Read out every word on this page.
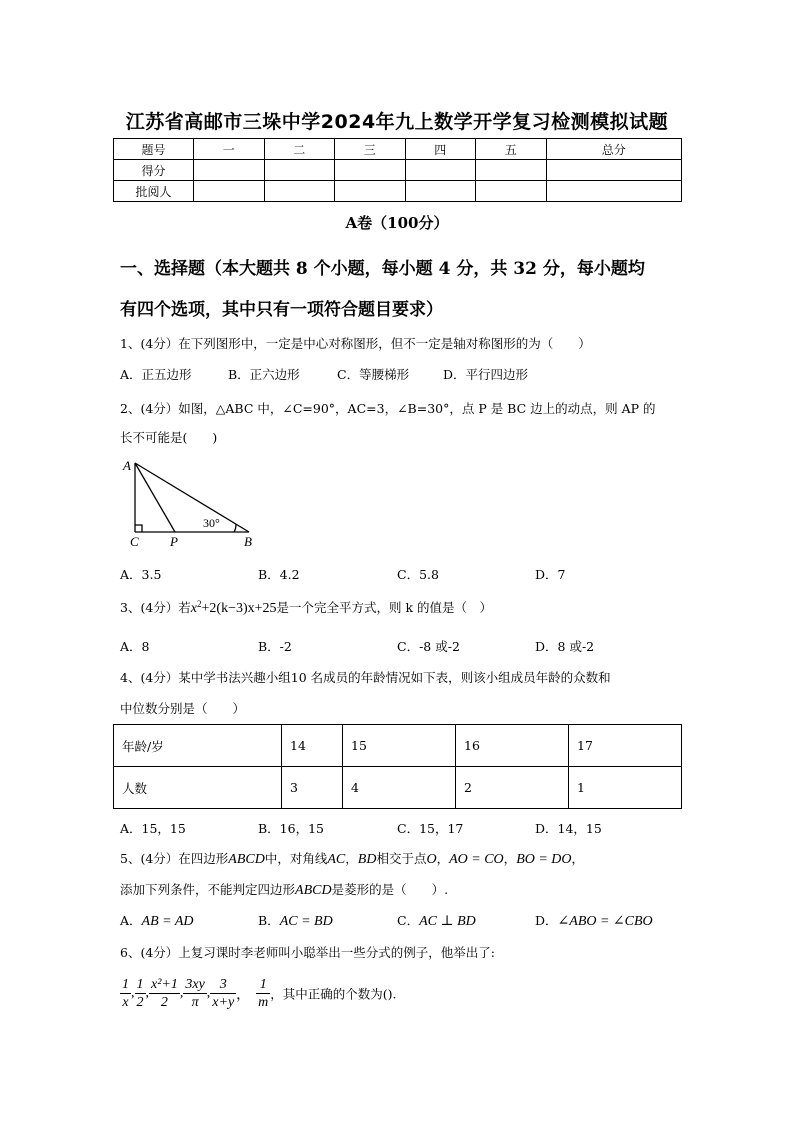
江苏省高邮市三垛中学2024年九上数学开学复习检测模拟试题
题号	一	二	三	四	五	总分
得分						
批阅人						
A卷（100分）
一、选择题（本大题共 8 个小题，每小题 4 分，共 32 分，每小题均
有四个选项，其中只有一项符合题目要求）
1、(4分）在下列图形中，一定是中心对称图形，但不一定是轴对称图形的为（　　）
A．正五边形	B．正六边形	C．等腰梯形	D．平行四边形
2、(4分）如图，△ABC 中，∠C=90°，AC=3，∠B=30°，点 P 是 BC 边上的动点，则 AP 的
长不可能是(　　)
A
C P	B
30°
A．3.5	B．4.2	C．5.8	D．7
3、(4分）若$x^2+2(k-3)x+25$是一个完全平方式，则 k 的值是（　）
A．8	B．-2	C．-8 或-2	D．8 或-2
4、(4分）某中学书法兴趣小组10 名成员的年龄情况如下表，则该小组成员年龄的众数和
中位数分别是（　　）
年龄/岁	14	15	16	17
人数	3	4	2	1
A．15，15	B．16，15	C．15，17	D．14，15
5、(4分）在四边形ABCD中，对角线AC，BD相交于点O，AO = CO，BO = DO，
添加下列条件，不能判定四边形ABCD是菱形的是（　　）.
A．AB = AD	B．AC = BD	C．AC ⊥ BD	D．∠ABO = ∠CBO
6、(4分）上复习课时李老师叫小聪举出一些分式的例子，他举出了:
$\frac{1}{x}$ , $\frac{1}{2}$ , $\frac{\text{x²+1}}{2}$ , $\frac{3xy}{\pi}$ , $\frac{3}{x+y}$ ， $\frac{1}{m}$ ，其中正确的个数为().
